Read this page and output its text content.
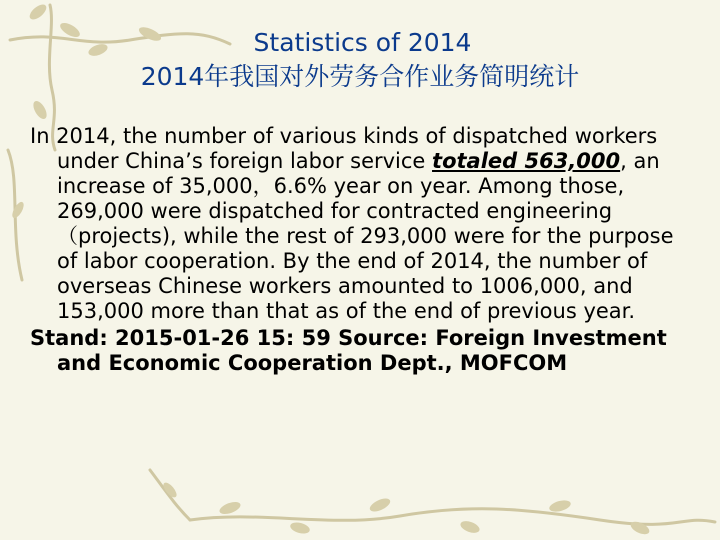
Statistics of 2014
2014年我国对外劳务合作业务简明统计
In 2014, the number of various kinds of dispatched workers under China’s foreign labor service totaled 563,000, an increase of 35,000，6.6% year on year. Among those, 269,000 were dispatched for contracted engineering（projects), while the rest of 293,000 were for the purpose of labor cooperation. By the end of 2014, the number of overseas Chinese workers amounted to 1006,000, and 153,000 more than that as of the end of previous year.
Stand: 2015-01-26 15: 59 Source: Foreign Investment and Economic Cooperation Dept., MOFCOM
